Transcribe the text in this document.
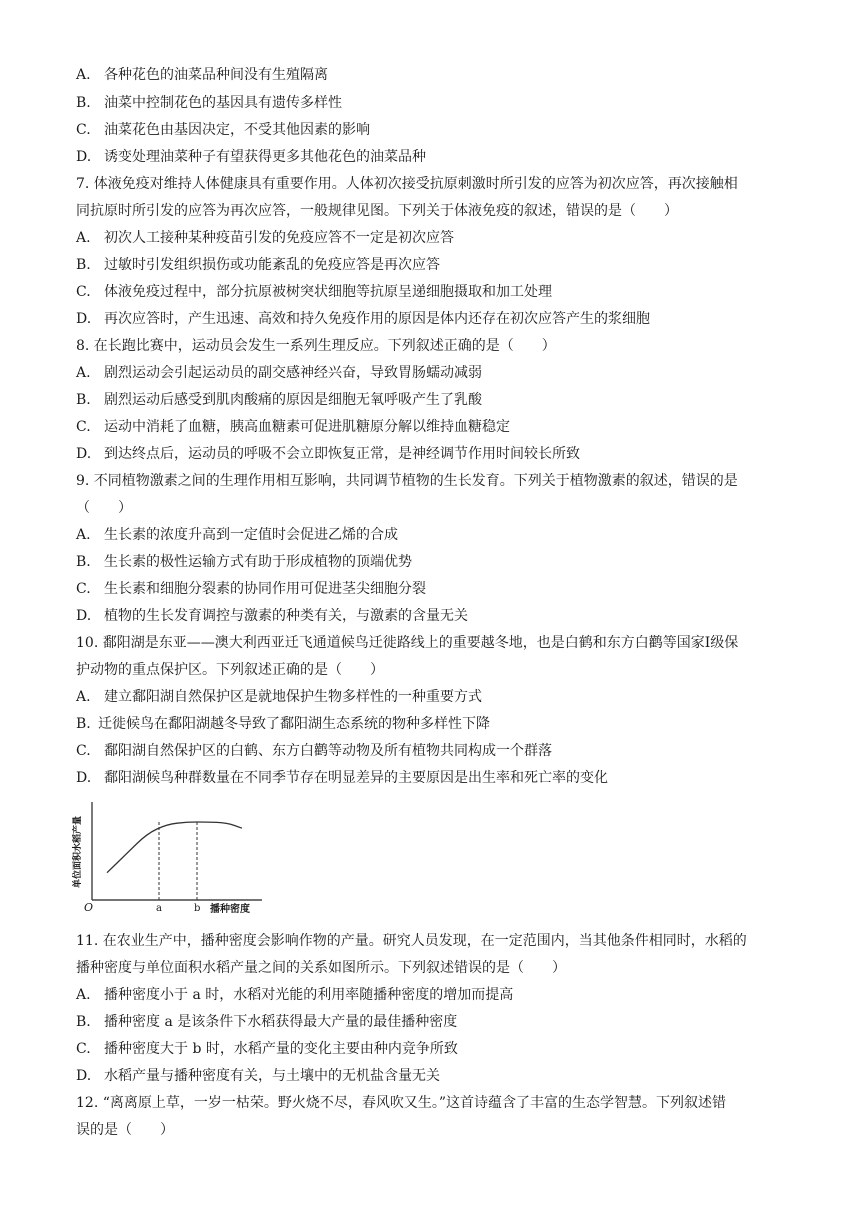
A. 各种花色的油菜品种间没有生殖隔离
B. 油菜中控制花色的基因具有遗传多样性
C. 油菜花色由基因决定，不受其他因素的影响
D. 诱变处理油菜种子有望获得更多其他花色的油菜品种
7. 体液免疫对维持人体健康具有重要作用。人体初次接受抗原刺激时所引发的应答为初次应答，再次接触相
同抗原时所引发的应答为再次应答，一般规律见图。下列关于体液免疫的叙述，错误的是（　　）
A. 初次人工接种某种疫苗引发的免疫应答不一定是初次应答
B. 过敏时引发组织损伤或功能紊乱的免疫应答是再次应答
C. 体液免疫过程中，部分抗原被树突状细胞等抗原呈递细胞摄取和加工处理
D. 再次应答时，产生迅速、高效和持久免疫作用的原因是体内还存在初次应答产生的浆细胞
8. 在长跑比赛中，运动员会发生一系列生理反应。下列叙述正确的是（　　）
A. 剧烈运动会引起运动员的副交感神经兴奋，导致胃肠蠕动减弱
B. 剧烈运动后感受到肌肉酸痛的原因是细胞无氧呼吸产生了乳酸
C. 运动中消耗了血糖，胰高血糖素可促进肌糖原分解以维持血糖稳定
D. 到达终点后，运动员的呼吸不会立即恢复正常，是神经调节作用时间较长所致
9. 不同植物激素之间的生理作用相互影响，共同调节植物的生长发育。下列关于植物激素的叙述，错误的是
（　　）
A. 生长素的浓度升高到一定值时会促进乙烯的合成
B. 生长素的极性运输方式有助于形成植物的顶端优势
C. 生长素和细胞分裂素的协同作用可促进茎尖细胞分裂
D. 植物的生长发育调控与激素的种类有关，与激素的含量无关
10. 鄱阳湖是东亚——澳大利西亚迁飞通道候鸟迁徙路线上的重要越冬地，也是白鹤和东方白鹳等国家Ⅰ级保
护动物的重点保护区。下列叙述正确的是（　　）
A. 建立鄱阳湖自然保护区是就地保护生物多样性的一种重要方式
B. 迁徙候鸟在鄱阳湖越冬导致了鄱阳湖生态系统的物种多样性下降
C. 鄱阳湖自然保护区的白鹤、东方白鹳等动物及所有植物共同构成一个群落
D. 鄱阳湖候鸟种群数量在不同季节存在明显差异的主要原因是出生率和死亡率的变化
单位面积水稻产量
O	a	b 播种密度
11. 在农业生产中，播种密度会影响作物的产量。研究人员发现，在一定范围内，当其他条件相同时，水稻的
播种密度与单位面积水稻产量之间的关系如图所示。下列叙述错误的是（　　）
A. 播种密度小于 a 时，水稻对光能的利用率随播种密度的增加而提高
B. 播种密度 a 是该条件下水稻获得最大产量的最佳播种密度
C. 播种密度大于 b 时，水稻产量的变化主要由种内竞争所致
D. 水稻产量与播种密度有关，与土壤中的无机盐含量无关
12. “离离原上草，一岁一枯荣。野火烧不尽，春风吹又生。”这首诗蕴含了丰富的生态学智慧。下列叙述错
误的是（　　）
